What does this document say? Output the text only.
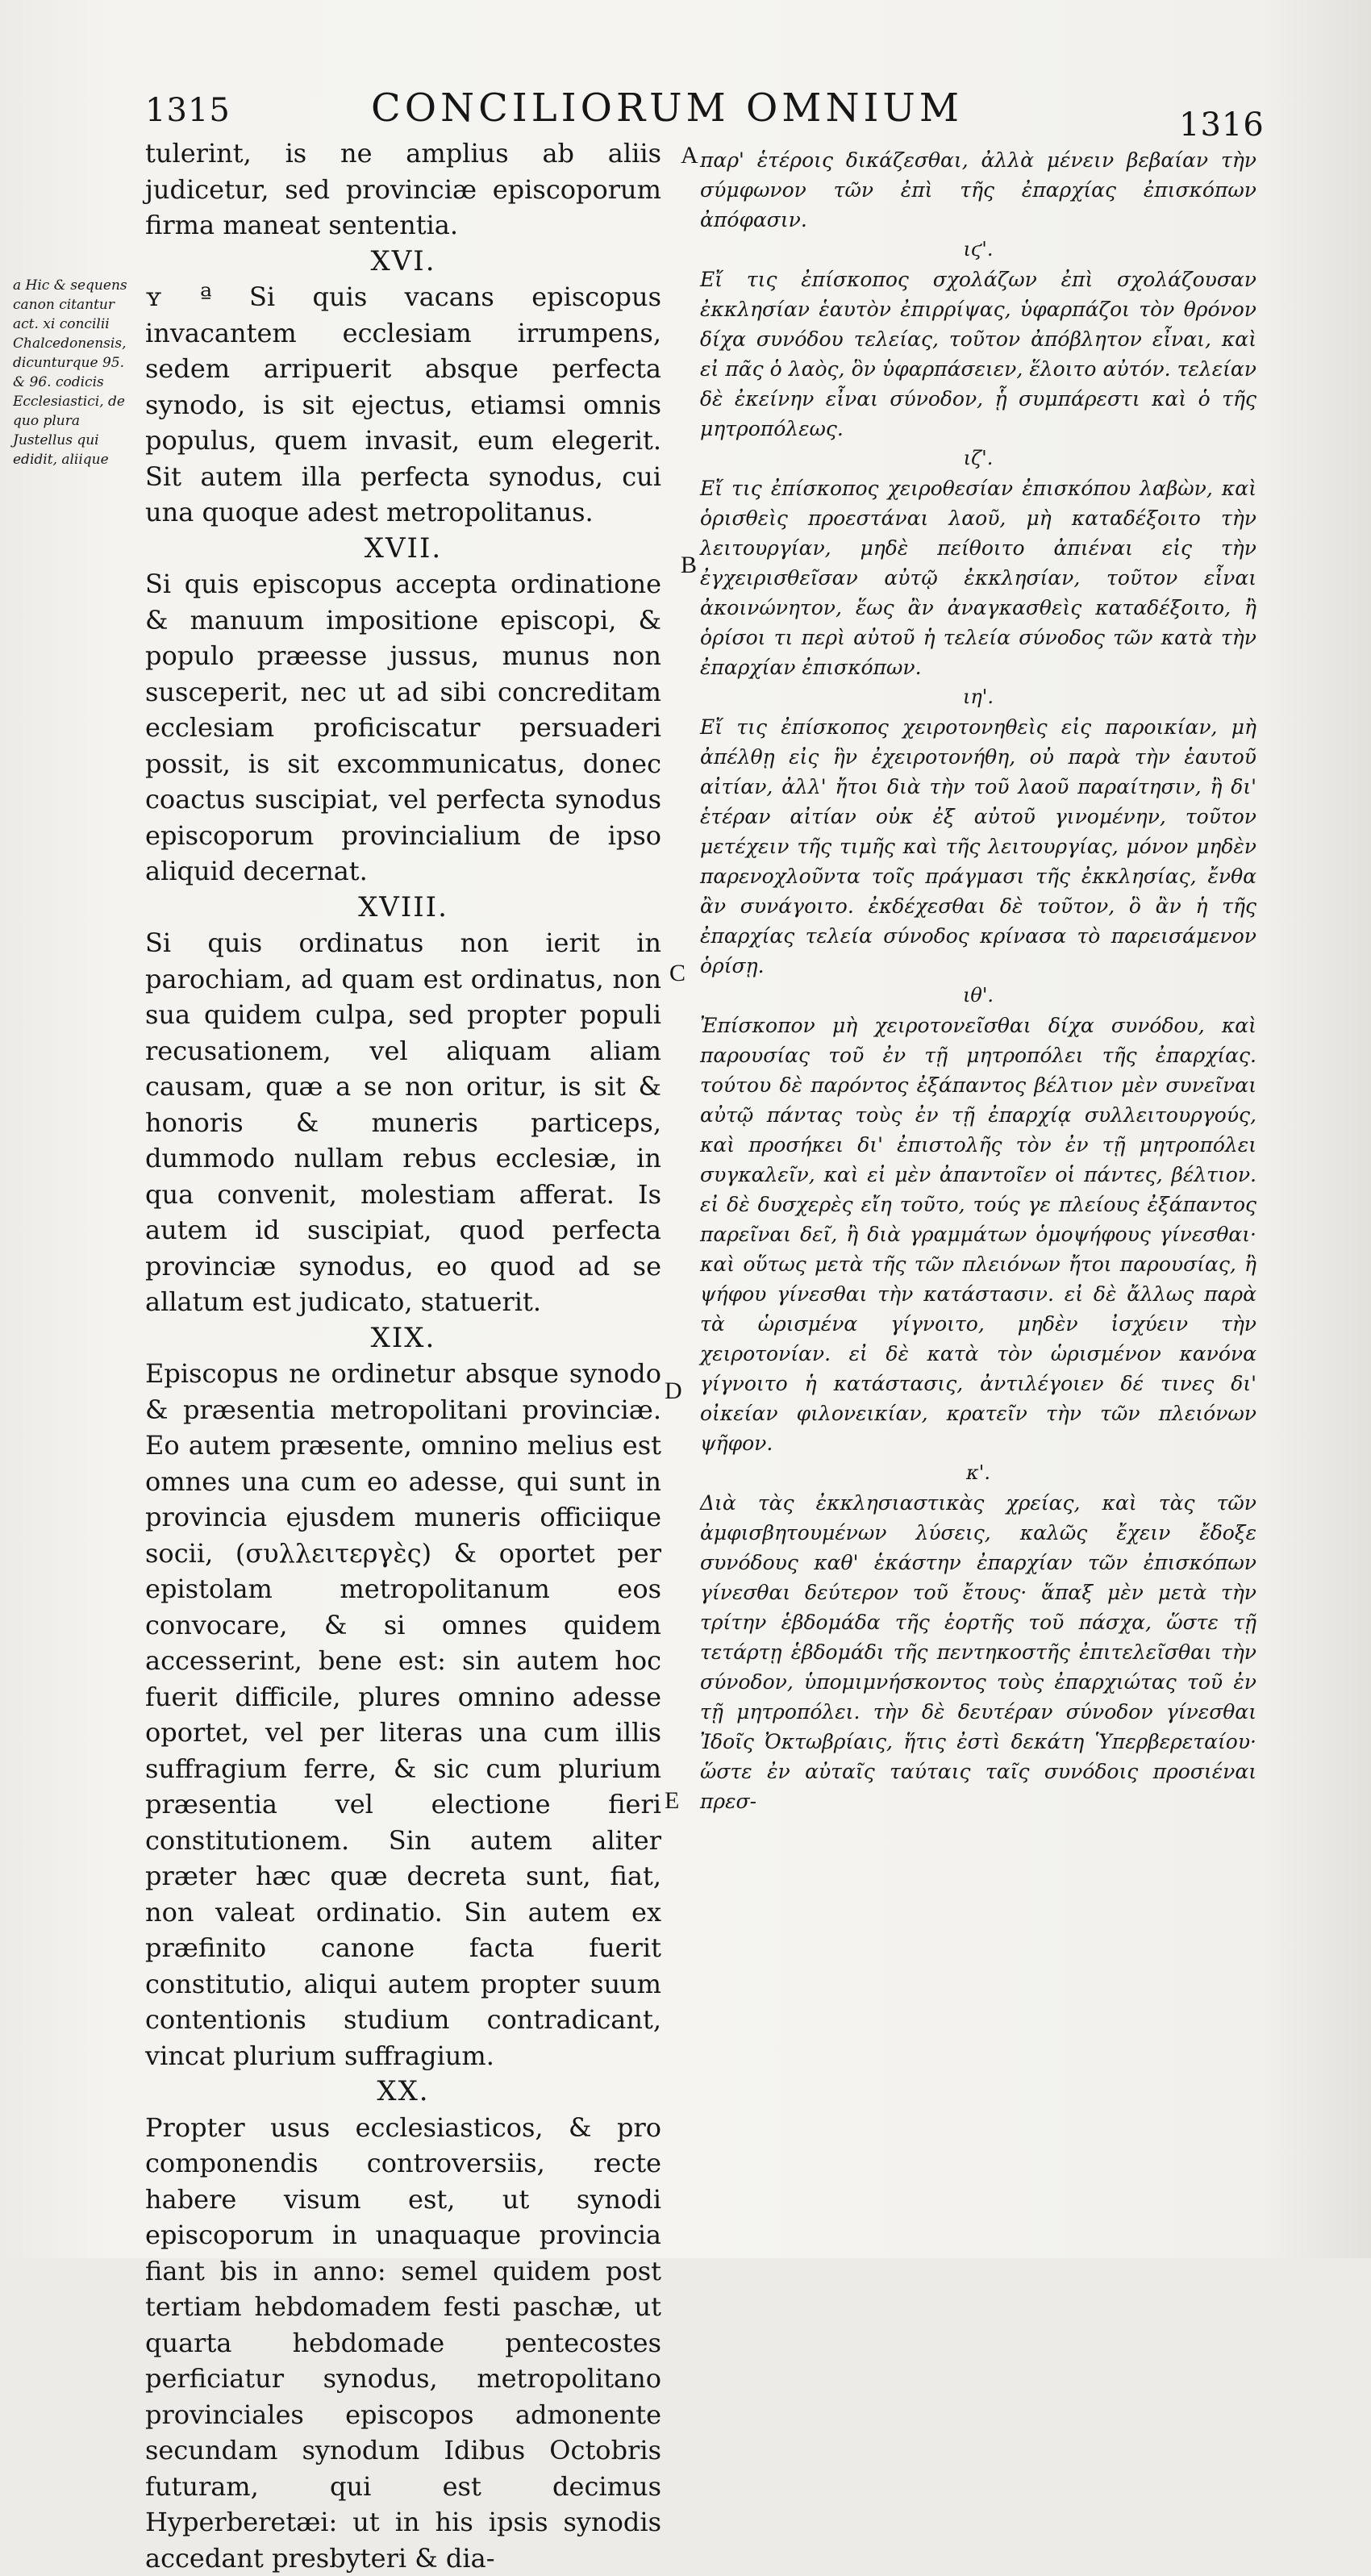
1315	CONCILIORUM OMNIUM	1316
a Hic & sequens canon citantur act. xi concilii Chalcedonensis, dicunturque 95. & 96. codicis Ecclesiastici, de quo plura Justellus qui edidit, aliique
A
B
C
D
E

tulerint, is ne amplius ab aliis judicetur, sed provinciæ episcoporum firma maneat sententia.

XVI.

ʏ ª Si quis vacans episcopus invacantem ecclesiam irrumpens, sedem arripuerit absque perfecta synodo, is sit ejectus, etiamsi omnis populus, quem invasit, eum elegerit. Sit autem illa perfecta synodus, cui una quoque adest metropolitanus.

XVII.

Si quis episcopus accepta ordinatione & manuum impositione episcopi, & populo præesse jussus, munus non susceperit, nec ut ad sibi concreditam ecclesiam proficiscatur persuaderi possit, is sit excommunicatus, donec coactus suscipiat, vel perfecta synodus episcoporum provincialium de ipso aliquid decernat.

XVIII.

Si quis ordinatus non ierit in parochiam, ad quam est ordinatus, non sua quidem culpa, sed propter populi recusationem, vel aliquam aliam causam, quæ a se non oritur, is sit & honoris & muneris particeps, dummodo nullam rebus ecclesiæ, in qua convenit, molestiam afferat. Is autem id suscipiat, quod perfecta provinciæ synodus, eo quod ad se allatum est judicato, statuerit.

XIX.

Episcopus ne ordinetur absque synodo & præsentia metropolitani provinciæ. Eo autem præsente, omnino melius est omnes una cum eo adesse, qui sunt in provincia ejusdem muneris officiique socii, (συλλειτεργὲς) & oportet per epistolam metropolitanum eos convocare, & si omnes quidem accesserint, bene est: sin autem hoc fuerit difficile, plures omnino adesse oportet, vel per literas una cum illis suffragium ferre, & sic cum plurium præsentia vel electione fieri constitutionem. Sin autem aliter præter hæc quæ decreta sunt, fiat, non valeat ordinatio. Sin autem ex præfinito canone facta fuerit constitutio, aliqui autem propter suum contentionis studium contradicant, vincat plurium suffragium.

XX.

Propter usus ecclesiasticos, & pro componendis controversiis, recte habere visum est, ut synodi episcoporum in unaquaque provincia fiant bis in anno: semel quidem post tertiam hebdomadem festi paschæ, ut quarta hebdomade pentecostes perficiatur synodus, metropolitano provinciales episcopos admonente secundam synodum Idibus Octobris futuram, qui est decimus Hyperberetæi: ut in his ipsis synodis accedant presbyteri & dia-

παρ' ἑτέροις δικάζεσθαι, ἀλλὰ μένειν βεβαίαν τὴν σύμφωνον τῶν ἐπὶ τῆς ἐπαρχίας ἐπισκόπων ἀπόφασιν.

ιϛ'.

Εἴ τις ἐπίσκοπος σχολάζων ἐπὶ σχολάζουσαν ἐκκλησίαν ἑαυτὸν ἐπιρρίψας, ὑφαρπάζοι τὸν θρόνον δίχα συνόδου τελείας, τοῦτον ἀπόβλητον εἶναι, καὶ εἰ πᾶς ὁ λαὸς, ὃν ὑφαρπάσειεν, ἕλοιτο αὐτόν. τελείαν δὲ ἐκείνην εἶναι σύνοδον, ᾗ συμπάρεστι καὶ ὁ τῆς μητροπόλεως.

ιζ'.

Εἴ τις ἐπίσκοπος χειροθεσίαν ἐπισκόπου λαβὼν, καὶ ὁρισθεὶς προεστάναι λαοῦ, μὴ καταδέξοιτο τὴν λειτουργίαν, μηδὲ πείθοιτο ἀπιέναι εἰς τὴν ἐγχειρισθεῖσαν αὐτῷ ἐκκλησίαν, τοῦτον εἶναι ἀκοινώνητον, ἕως ἂν ἀναγκασθεὶς καταδέξοιτο, ἢ ὁρίσοι τι περὶ αὐτοῦ ἡ τελεία σύνοδος τῶν κατὰ τὴν ἐπαρχίαν ἐπισκόπων.

ιη'.

Εἴ τις ἐπίσκοπος χειροτονηθεὶς εἰς παροικίαν, μὴ ἀπέλθῃ εἰς ἣν ἐχειροτονήθη, οὐ παρὰ τὴν ἑαυτοῦ αἰτίαν, ἀλλ' ἤτοι διὰ τὴν τοῦ λαοῦ παραίτησιν, ἢ δι' ἑτέραν αἰτίαν οὐκ ἐξ αὐτοῦ γινομένην, τοῦτον μετέχειν τῆς τιμῆς καὶ τῆς λειτουργίας, μόνον μηδὲν παρενοχλοῦντα τοῖς πράγμασι τῆς ἐκκλησίας, ἔνθα ἂν συνάγοιτο. ἐκδέχεσθαι δὲ τοῦτον, ὃ ἂν ἡ τῆς ἐπαρχίας τελεία σύνοδος κρίνασα τὸ παρεισάμενον ὁρίσῃ.

ιθ'.

Ἐπίσκοπον μὴ χειροτονεῖσθαι δίχα συνόδου, καὶ παρουσίας τοῦ ἐν τῇ μητροπόλει τῆς ἐπαρχίας. τούτου δὲ παρόντος ἐξάπαντος βέλτιον μὲν συνεῖναι αὐτῷ πάντας τοὺς ἐν τῇ ἐπαρχίᾳ συλλειτουργούς, καὶ προσήκει δι' ἐπιστολῆς τὸν ἐν τῇ μητροπόλει συγκαλεῖν, καὶ εἰ μὲν ἀπαντοῖεν οἱ πάντες, βέλτιον. εἰ δὲ δυσχερὲς εἴη τοῦτο, τούς γε πλείους ἐξάπαντος παρεῖναι δεῖ, ἢ διὰ γραμμάτων ὁμοψήφους γίνεσθαι· καὶ οὕτως μετὰ τῆς τῶν πλειόνων ἤτοι παρουσίας, ἢ ψήφου γίνεσθαι τὴν κατάστασιν. εἰ δὲ ἄλλως παρὰ τὰ ὡρισμένα γίγνοιτο, μηδὲν ἰσχύειν τὴν χειροτονίαν. εἰ δὲ κατὰ τὸν ὡρισμένον κανόνα γίγνοιτο ἡ κατάστασις, ἀντιλέγοιεν δέ τινες δι' οἰκείαν φιλονεικίαν, κρατεῖν τὴν τῶν πλειόνων ψῆφον.

κ'.

Διὰ τὰς ἐκκλησιαστικὰς χρείας, καὶ τὰς τῶν ἀμφισβητουμένων λύσεις, καλῶς ἔχειν ἔδοξε συνόδους καθ' ἑκάστην ἐπαρχίαν τῶν ἐπισκόπων γίνεσθαι δεύτερον τοῦ ἔτους· ἅπαξ μὲν μετὰ τὴν τρίτην ἑβδομάδα τῆς ἑορτῆς τοῦ πάσχα, ὥστε τῇ τετάρτῃ ἑβδομάδι τῆς πεντηκοστῆς ἐπιτελεῖσθαι τὴν σύνοδον, ὑπομιμνήσκοντος τοὺς ἐπαρχιώτας τοῦ ἐν τῇ μητροπόλει. τὴν δὲ δευτέραν σύνοδον γίνεσθαι Ἰδοῖς Ὀκτωβρίαις, ἥτις ἐστὶ δεκάτη Ὑπερβερεταίου· ὥστε ἐν αὐταῖς ταύταις ταῖς συνόδοις προσιέναι πρεσ-
